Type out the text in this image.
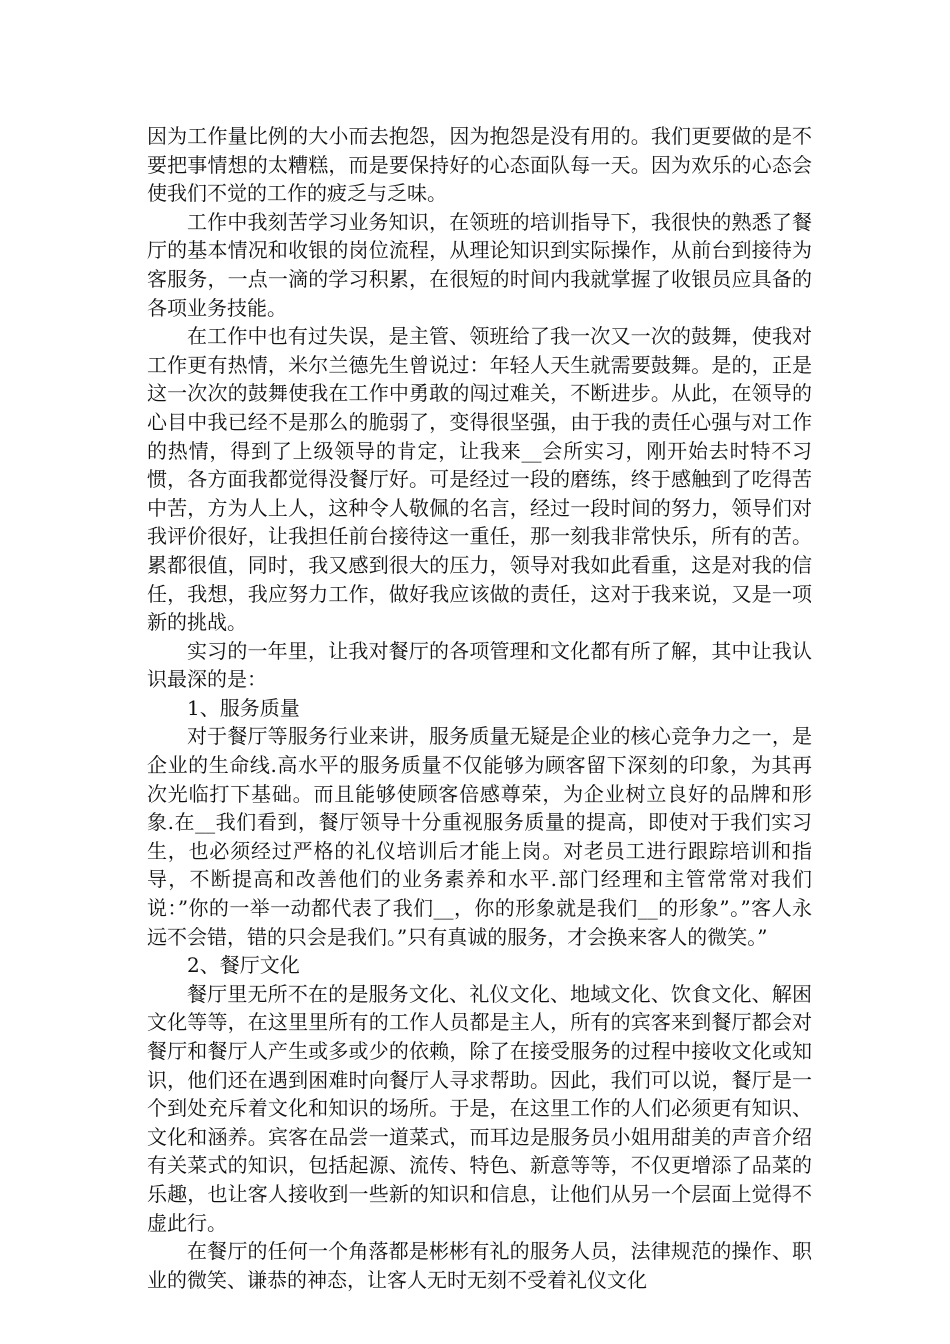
因为工作量比例的大小而去抱怨，因为抱怨是没有用的。我们更要做的是不要把事情想的太糟糕，而是要保持好的心态面队每一天。因为欢乐的心态会使我们不觉的工作的疲乏与乏味。

工作中我刻苦学习业务知识，在领班的培训指导下，我很快的熟悉了餐厅的基本情况和收银的岗位流程，从理论知识到实际操作，从前台到接待为客服务，一点一滴的学习积累，在很短的时间内我就掌握了收银员应具备的各项业务技能。

在工作中也有过失误，是主管、领班给了我一次又一次的鼓舞，使我对工作更有热情，米尔兰德先生曾说过：年轻人天生就需要鼓舞。是的，正是这一次次的鼓舞使我在工作中勇敢的闯过难关，不断进步。从此，在领导的心目中我已经不是那么的脆弱了，变得很坚强，由于我的责任心强与对工作的热情，得到了上级领导的肯定，让我来__会所实习，刚开始去时特不习惯，各方面我都觉得没餐厅好。可是经过一段的磨练，终于感触到了吃得苦中苦，方为人上人，这种令人敬佩的名言，经过一段时间的努力，领导们对我评价很好，让我担任前台接待这一重任，那一刻我非常快乐，所有的苦。累都很值，同时，我又感到很大的压力，领导对我如此看重，这是对我的信任，我想，我应努力工作，做好我应该做的责任，这对于我来说，又是一项新的挑战。

实习的一年里，让我对餐厅的各项管理和文化都有所了解，其中让我认识最深的是：

1、服务质量

对于餐厅等服务行业来讲，服务质量无疑是企业的核心竞争力之一，是企业的生命线.高水平的服务质量不仅能够为顾客留下深刻的印象，为其再次光临打下基础。而且能够使顾客倍感尊荣，为企业树立良好的品牌和形象.在__我们看到，餐厅领导十分重视服务质量的提高，即使对于我们实习生，也必须经过严格的礼仪培训后才能上岗。对老员工进行跟踪培训和指导，不断提高和改善他们的业务素养和水平.部门经理和主管常常对我们说：”你的一举一动都代表了我们__，你的形象就是我们__的形象”。”客人永远不会错，错的只会是我们。”只有真诚的服务，才会换来客人的微笑。”

2、餐厅文化

餐厅里无所不在的是服务文化、礼仪文化、地域文化、饮食文化、解困文化等等，在这里里所有的工作人员都是主人，所有的宾客来到餐厅都会对餐厅和餐厅人产生或多或少的依赖，除了在接受服务的过程中接收文化或知识，他们还在遇到困难时向餐厅人寻求帮助。因此，我们可以说，餐厅是一个到处充斥着文化和知识的场所。于是，在这里工作的人们必须更有知识、文化和涵养。宾客在品尝一道菜式，而耳边是服务员小姐用甜美的声音介绍有关菜式的知识，包括起源、流传、特色、新意等等，不仅更增添了品菜的乐趣，也让客人接收到一些新的知识和信息，让他们从另一个层面上觉得不虚此行。

在餐厅的任何一个角落都是彬彬有礼的服务人员，法律规范的操作、职业的微笑、谦恭的神态，让客人无时无刻不受着礼仪文化
